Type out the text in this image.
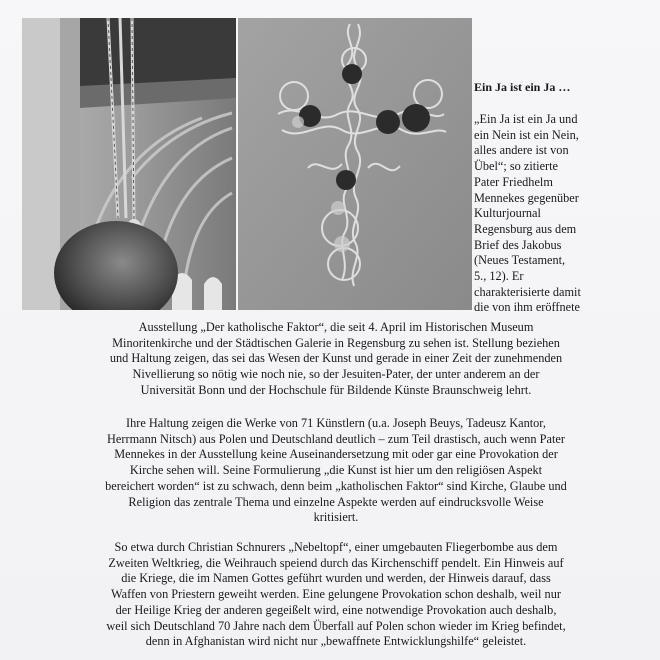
Ein Ja ist ein Ja …
„Ein Ja ist ein Ja und
ein Nein ist ein Nein,
alles andere ist von
Übel“; so zitierte
Pater Friedhelm
Mennekes gegenüber
Kulturjournal
Regensburg aus dem
Brief des Jakobus
(Neues Testament,
5., 12). Er
charakterisierte damit
die von ihm eröffnete
Ausstellung „Der katholische Faktor“, die seit 4. April im Historischen Museum
Minoritenkirche und der Städtischen Galerie in Regensburg zu sehen ist. Stellung beziehen
und Haltung zeigen, das sei das Wesen der Kunst und gerade in einer Zeit der zunehmenden
Nivellierung so nötig wie noch nie, so der Jesuiten-Pater, der unter anderem an der
Universität Bonn und der Hochschule für Bildende Künste Braunschweig lehrt.
Ihre Haltung zeigen die Werke von 71 Künstlern (u.a. Joseph Beuys, Tadeusz Kantor,
Herrmann Nitsch) aus Polen und Deutschland deutlich – zum Teil drastisch, auch wenn Pater
Mennekes in der Ausstellung keine Auseinandersetzung mit oder gar eine Provokation der
Kirche sehen will. Seine Formulierung „die Kunst ist hier um den religiösen Aspekt
bereichert worden“ ist zu schwach, denn beim „katholischen Faktor“ sind Kirche, Glaube und
Religion das zentrale Thema und einzelne Aspekte werden auf eindrucksvolle Weise
kritisiert.
So etwa durch Christian Schnurers „Nebeltopf“, einer umgebauten Fliegerbombe aus dem
Zweiten Weltkrieg, die Weihrauch speiend durch das Kirchenschiff pendelt. Ein Hinweis auf
die Kriege, die im Namen Gottes geführt wurden und werden, der Hinweis darauf, dass
Waffen von Priestern geweiht werden. Eine gelungene Provokation schon deshalb, weil nur
der Heilige Krieg der anderen gegeißelt wird, eine notwendige Provokation auch deshalb,
weil sich Deutschland 70 Jahre nach dem Überfall auf Polen schon wieder im Krieg befindet,
denn in Afghanistan wird nicht nur „bewaffnete Entwicklungshilfe“ geleistet.
